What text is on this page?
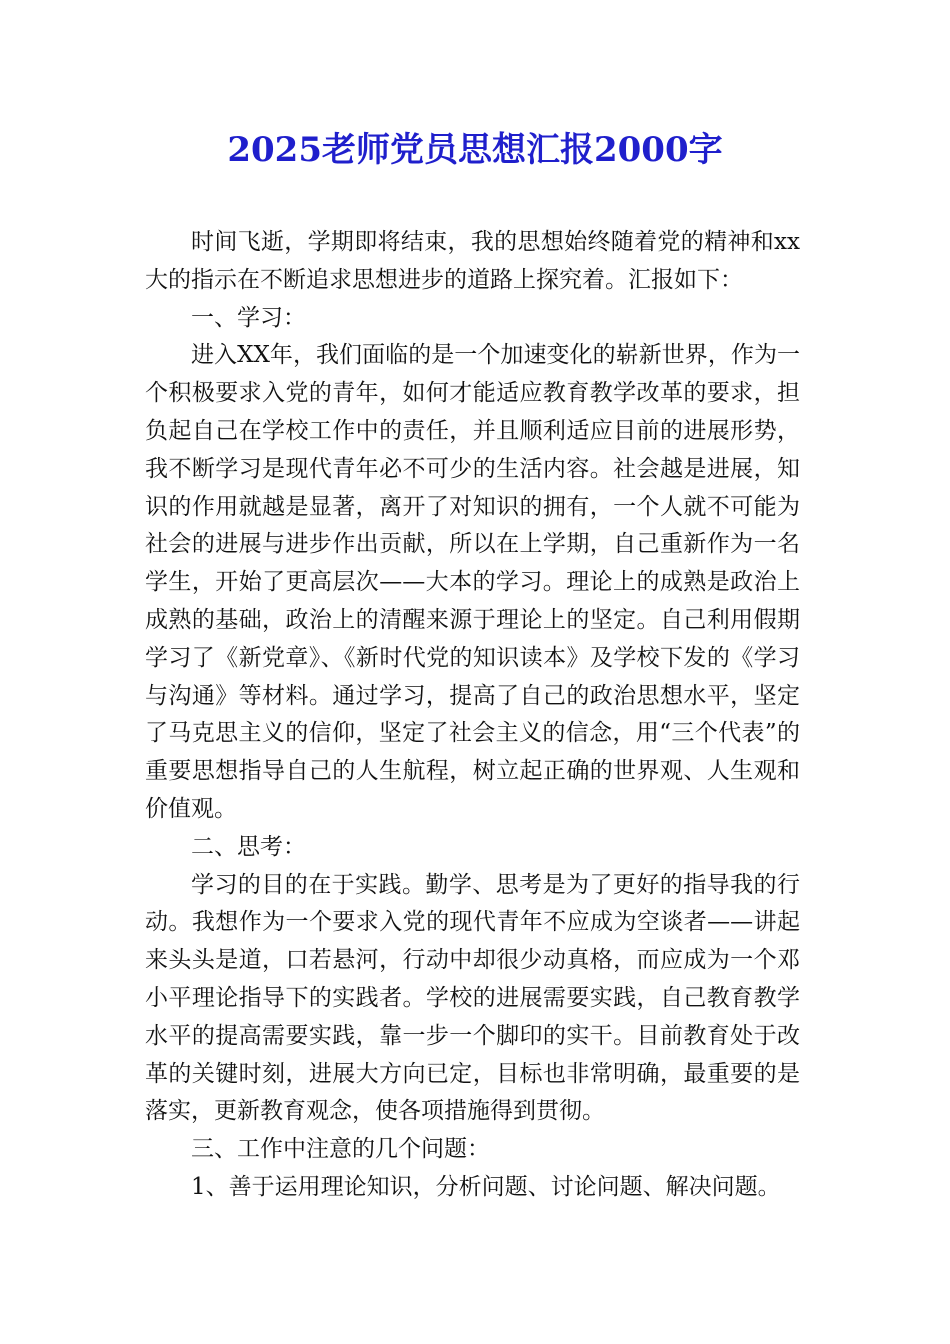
2025老师党员思想汇报2000字

时间飞逝，学期即将结束，我的思想始终随着党的精神和xx大的指示在不断追求思想进步的道路上探究着。汇报如下：

一、学习：

进入XX年，我们面临的是一个加速变化的崭新世界，作为一个积极要求入党的青年，如何才能适应教育教学改革的要求，担负起自己在学校工作中的责任，并且顺利适应目前的进展形势，我不断学习是现代青年必不可少的生活内容。社会越是进展，知识的作用就越是显著，离开了对知识的拥有，一个人就不可能为社会的进展与进步作出贡献，所以在上学期，自己重新作为一名学生，开始了更高层次——大本的学习。理论上的成熟是政治上成熟的基础，政治上的清醒来源于理论上的坚定。自己利用假期学习了《新党章》、《新时代党的知识读本》及学校下发的《学习与沟通》等材料。通过学习，提高了自己的政治思想水平，坚定了马克思主义的信仰，坚定了社会主义的信念，用“三个代表”的重要思想指导自己的人生航程，树立起正确的世界观、人生观和价值观。

二、思考：

学习的目的在于实践。勤学、思考是为了更好的指导我的行动。我想作为一个要求入党的现代青年不应成为空谈者——讲起来头头是道，口若悬河，行动中却很少动真格，而应成为一个邓小平理论指导下的实践者。学校的进展需要实践，自己教育教学水平的提高需要实践，靠一步一个脚印的实干。目前教育处于改革的关键时刻，进展大方向已定，目标也非常明确，最重要的是落实，更新教育观念，使各项措施得到贯彻。

三、工作中注意的几个问题：

1、善于运用理论知识，分析问题、讨论问题、解决问题。
